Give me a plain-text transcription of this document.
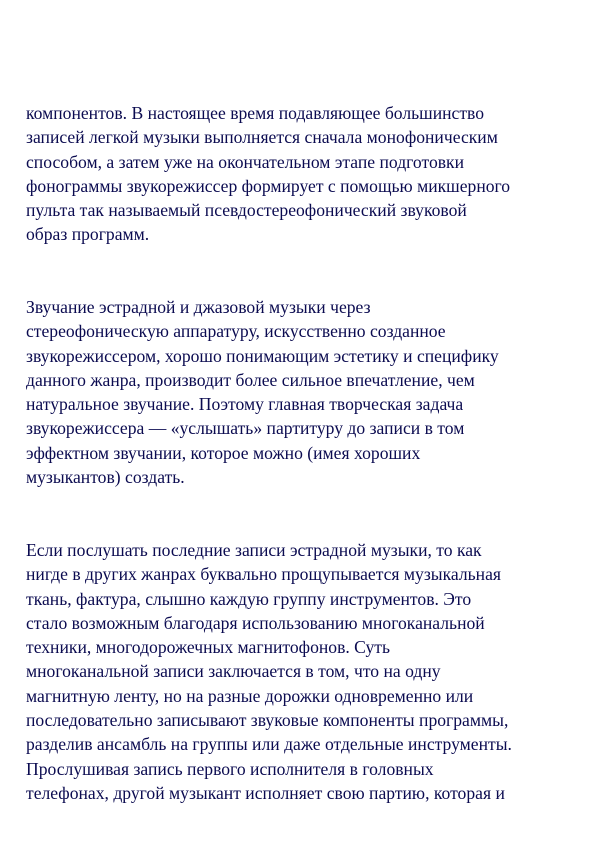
компонентов. В настоящее время подавляющее большинство
записей легкой музыки выполняется сначала монофоническим
способом, а затем уже на окончательном этапе подготовки
фонограммы звукорежиссер формирует с помощью микшерного
пульта так называемый псевдостереофонический звуковой
образ программ.
Звучание эстрадной и джазовой музыки через
стереофоническую аппаратуру, искусственно созданное
звукорежиссером, хорошо понимающим эстетику и специфику
данного жанра, производит более сильное впечатление, чем
натуральное звучание. Поэтому главная творческая задача
звукорежиссера — «услышать» партитуру до записи в том
эффектном звучании, которое можно (имея хороших
музыкантов) создать.
Если послушать последние записи эстрадной музыки, то как
нигде в других жанрах буквально прощупывается музыкальная
ткань, фактура, слышно каждую группу инструментов. Это
стало возможным благодаря использованию многоканальной
техники, многодорожечных магнитофонов. Суть
многоканальной записи заключается в том, что на одну
магнитную ленту, но на разные дорожки одновременно или
последовательно записывают звуковые компоненты программы,
разделив ансамбль на группы или даже отдельные инструменты.
Прослушивая запись первого исполнителя в головных
телефонах, другой музыкант исполняет свою партию, которая и
